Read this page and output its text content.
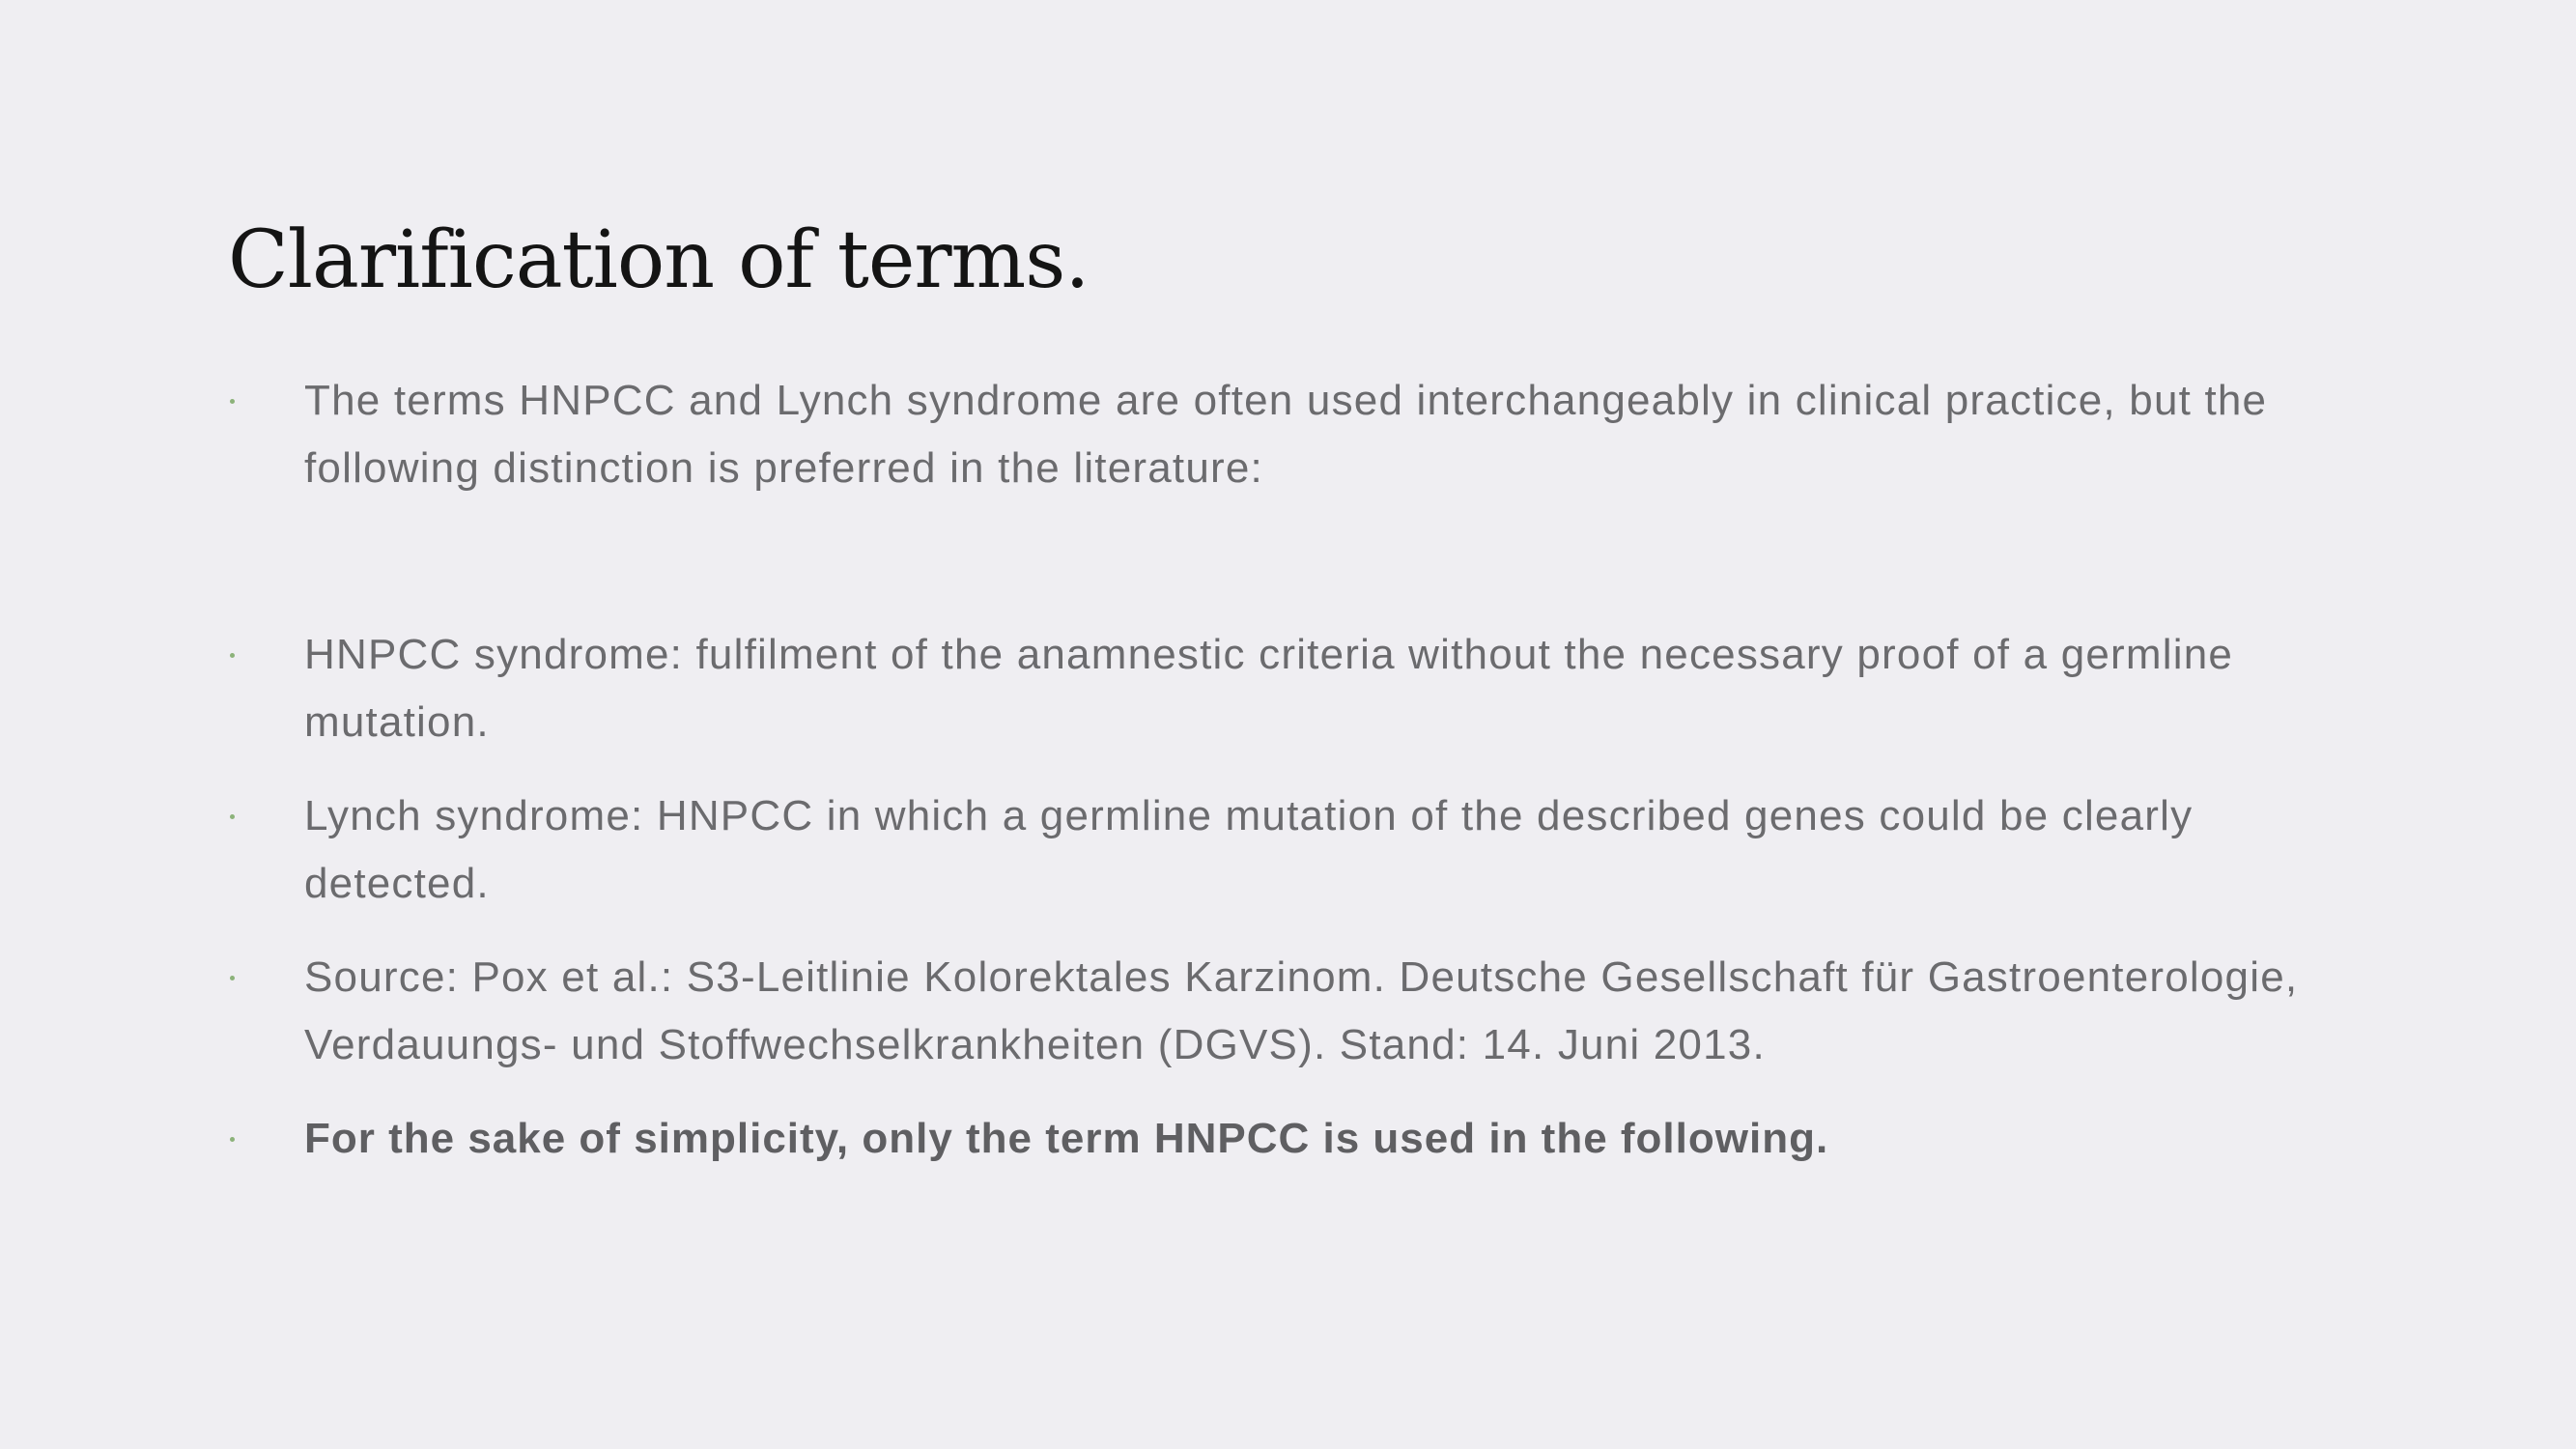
Clarification of terms.
The terms HNPCC and Lynch syndrome are often used interchangeably in clinical practice, but the following distinction is preferred in the literature:
HNPCC syndrome: fulfilment of the anamnestic criteria without the necessary proof of a germline mutation.
Lynch syndrome: HNPCC in which a germline mutation of the described genes could be clearly detected.
Source: Pox et al.: S3-Leitlinie Kolorektales Karzinom. Deutsche Gesellschaft für Gastroenterologie, Verdauungs- und Stoffwechselkrankheiten (DGVS). Stand: 14. Juni 2013.
For the sake of simplicity, only the term HNPCC is used in the following.
